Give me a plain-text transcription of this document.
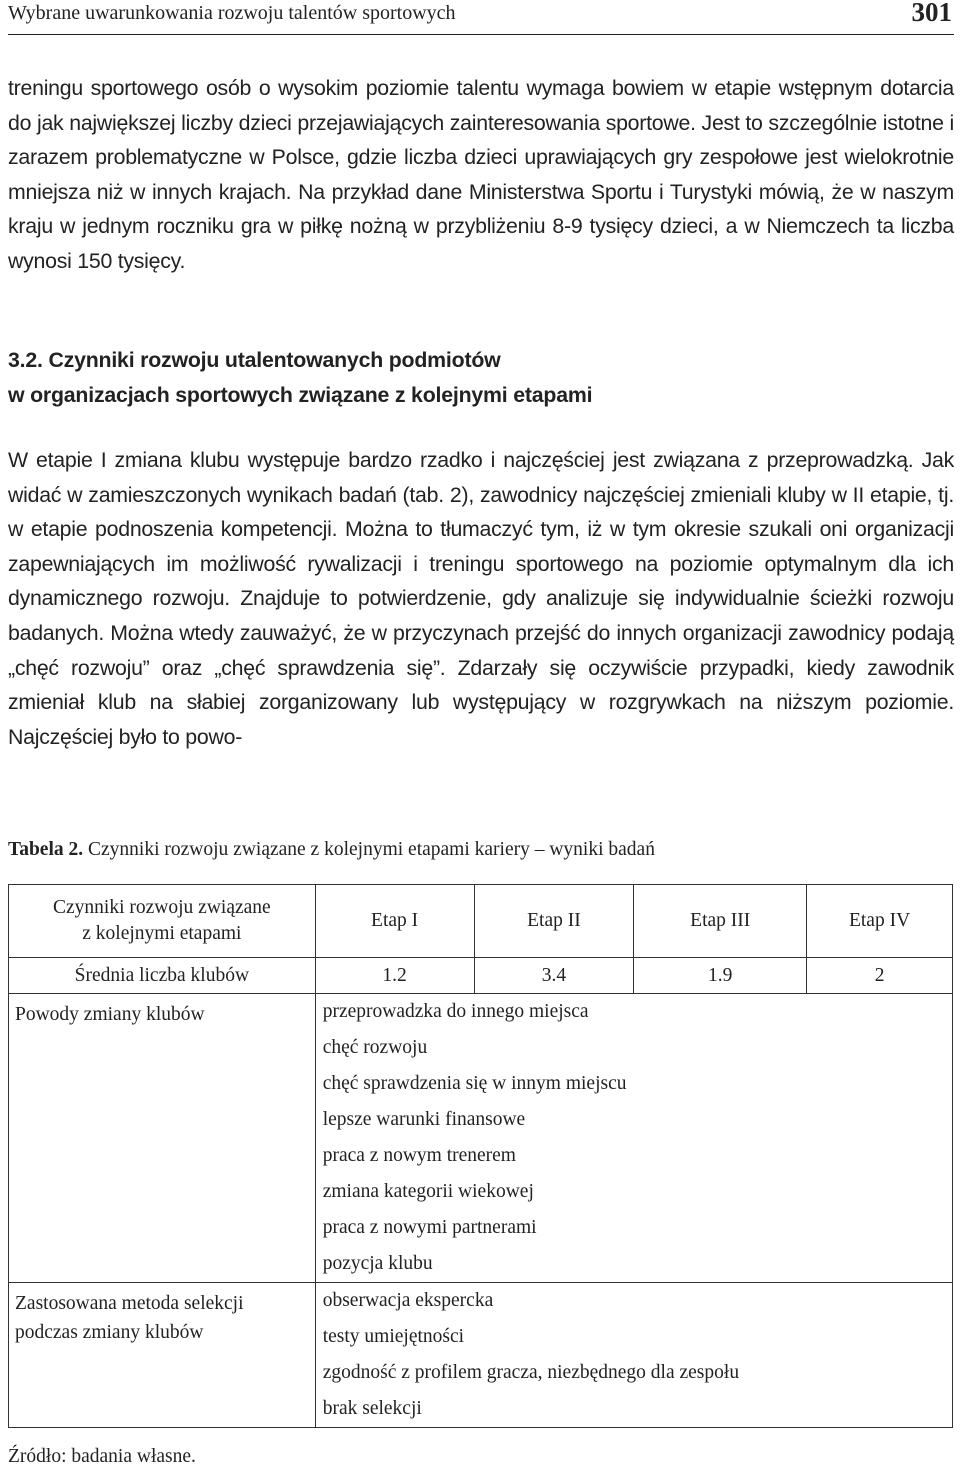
Wybrane uwarunkowania rozwoju talentów sportowych	301

treningu sportowego osób o wysokim poziomie talentu wymaga bowiem w etapie wstępnym dotarcia do jak największej liczby dzieci przejawiających zainteresowania sportowe. Jest to szczególnie istotne i zarazem problematyczne w Polsce, gdzie liczba dzieci uprawiających gry zespołowe jest wielokrotnie mniejsza niż w innych krajach. Na przykład dane Ministerstwa Sportu i Turystyki mówią, że w naszym kraju w jednym roczniku gra w piłkę nożną w przybliżeniu 8-9 tysięcy dzieci, a w Niemczech ta liczba wynosi 150 tysięcy.

3.2. Czynniki rozwoju utalentowanych podmiotów
w organizacjach sportowych związane z kolejnymi etapami

W etapie I zmiana klubu występuje bardzo rzadko i najczęściej jest związana z przeprowadzką. Jak widać w zamieszczonych wynikach badań (tab. 2), zawodnicy najczęściej zmieniali kluby w II etapie, tj. w etapie podnoszenia kompetencji. Można to tłumaczyć tym, iż w tym okresie szukali oni organizacji zapewniających im możliwość rywalizacji i treningu sportowego na poziomie optymalnym dla ich dynamicznego rozwoju. Znajduje to potwierdzenie, gdy analizuje się indywidualnie ścieżki rozwoju badanych. Można wtedy zauważyć, że w przyczynach przejść do innych organizacji zawodnicy podają „chęć rozwoju” oraz „chęć sprawdzenia się”. Zdarzały się oczywiście przypadki, kiedy zawodnik zmieniał klub na słabiej zorganizowany lub występujący w rozgrywkach na niższym poziomie. Najczęściej było to powo-

Tabela 2. Czynniki rozwoju związane z kolejnymi etapami kariery – wyniki badań
Czynniki rozwoju związane
z kolejnymi etapami	Etap I	Etap II	Etap III	Etap IV
Średnia liczba klubów	1.2	3.4	1.9	2
Powody zmiany klubów	przeprowadzka do innego miejsca			
	chęć rozwoju			
	chęć sprawdzenia się w innym miejscu			
	lepsze warunki finansowe			
	praca z nowym trenerem			
	zmiana kategorii wiekowej			
	praca z nowymi partnerami			
	pozycja klubu			

Zastosowana metoda selekcji
podczas zmiany klubów	obserwacja ekspercka			
	testy umiejętności			
	zgodność z profilem gracza, niezbędnego dla zespołu			
	brak selekcji			
Źródło: badania własne.
